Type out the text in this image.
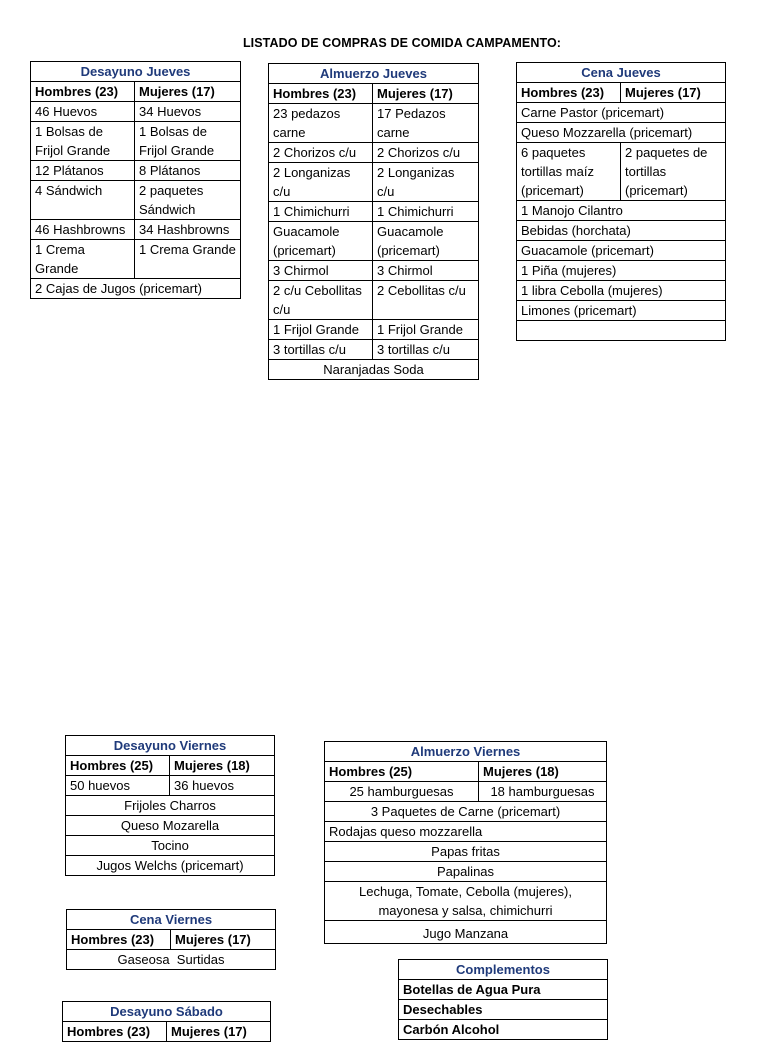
LISTADO DE COMPRAS DE COMIDA CAMPAMENTO:
Desayuno Jueves	
Hombres (23)	Mujeres (17)
46 Huevos	34 Huevos
1 Bolsas de Frijol Grande	1 Bolsas de Frijol Grande
12 Plátanos	8 Plátanos
4 Sándwich	2 paquetes Sándwich
46 Hashbrowns	34 Hashbrowns
1 Crema Grande	1 Crema Grande
2 Cajas de Jugos (pricemart)	
Almuerzo Jueves	
Hombres (23)	Mujeres (17)
23 pedazos carne	17 Pedazos carne
2 Chorizos c/u	2 Chorizos c/u
2 Longanizas c/u	2 Longanizas c/u
1 Chimichurri	1 Chimichurri
Guacamole (pricemart)	Guacamole (pricemart)
3 Chirmol	3 Chirmol
2 c/u Cebollitas c/u	2 Cebollitas c/u
1 Frijol Grande	1 Frijol Grande
3 tortillas c/u	3 tortillas c/u
Naranjadas Soda	
Cena Jueves	
Hombres (23)	Mujeres (17)
Carne Pastor (pricemart)	
Queso Mozzarella (pricemart)	
6 paquetes tortillas maíz (pricemart)	2 paquetes de tortillas (pricemart)
1 Manojo Cilantro	
Bebidas (horchata)	
Guacamole (pricemart)	
1 Piña (mujeres)	
1 libra Cebolla (mujeres)	
Limones (pricemart)	

Desayuno Viernes	
Hombres (25)	Mujeres (18)
50 huevos	36 huevos
Frijoles Charros	
Queso Mozarella	
Tocino	
Jugos Welchs (pricemart)	
Almuerzo Viernes	
Hombres (25)	Mujeres (18)
25 hamburguesas	18 hamburguesas
3 Paquetes de Carne (pricemart)	
Rodajas queso mozzarella	
Papas fritas	
Papalinas	
Lechuga, Tomate, Cebolla (mujeres), mayonesa y salsa, chimichurri	
Jugo Manzana	
Cena Viernes
Hombres (23)	Mujeres (17)
Gaseosa  Surtidas
Complementos
Botellas de Agua Pura
Desechables
Carbón Alcohol
Desayuno Sábado
Hombres (23)	Mujeres (17)
